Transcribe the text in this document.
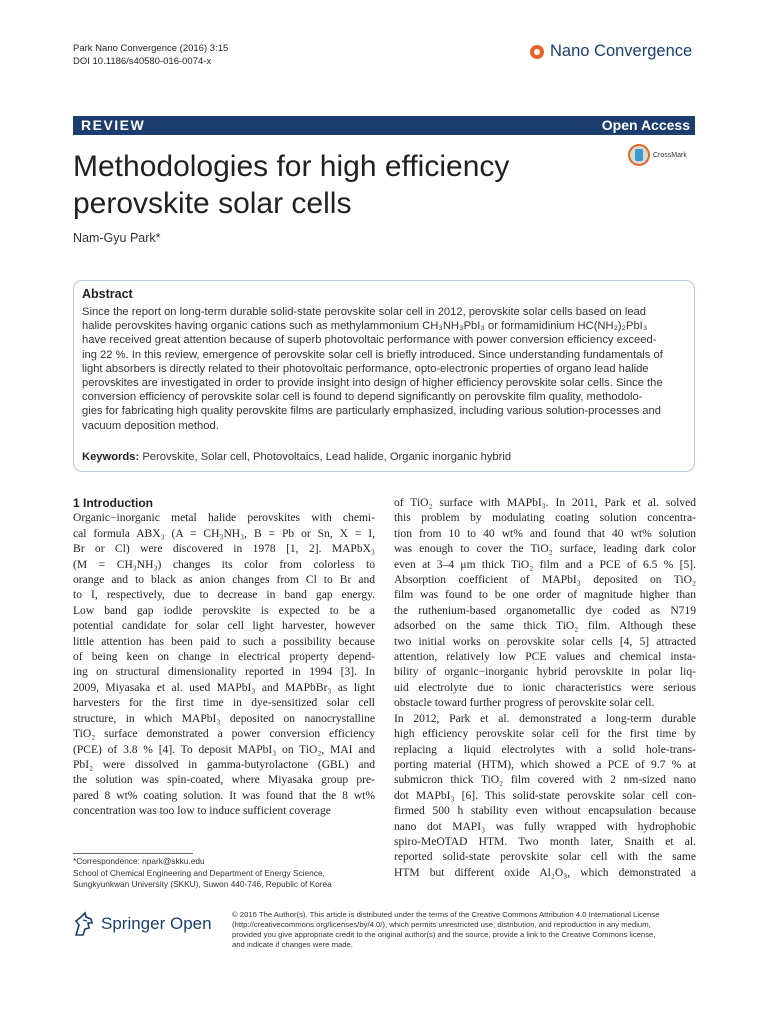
Park Nano Convergence (2016) 3:15
DOI 10.1186/s40580-016-0074-x
Nano Convergence
REVIEW	Open Access
Methodologies for high efficiency
perovskite solar cells
CrossMark
Nam-Gyu Park*
Abstract
Since the report on long-term durable solid-state perovskite solar cell in 2012, perovskite solar cells based on lead
halide perovskites having organic cations such as methylammonium CH₃NH₃PbI₃ or formamidinium HC(NH₂)₂PbI₃
have received great attention because of superb photovoltaic performance with power conversion efficiency exceed-
ing 22 %. In this review, emergence of perovskite solar cell is briefly introduced. Since understanding fundamentals of
light absorbers is directly related to their photovoltaic performance, opto-electronic properties of organo lead halide
perovskites are investigated in order to provide insight into design of higher efficiency perovskite solar cells. Since the
conversion efficiency of perovskite solar cell is found to depend significantly on perovskite film quality, methodolo-
gies for fabricating high quality perovskite films are particularly emphasized, including various solution-processes and
vacuum deposition method.
Keywords: Perovskite, Solar cell, Photovoltaics, Lead halide, Organic inorganic hybrid
1 Introduction
Organic−inorganic metal halide perovskites with chemi-
cal formula ABX₃ (A = CH₃NH₃, B = Pb or Sn, X = I,
Br or Cl) were discovered in 1978 [1, 2]. MAPbX₃
(M = CH₃NH₃) changes its color from colorless to
orange and to black as anion changes from Cl to Br and
to I, respectively, due to decrease in band gap energy.
Low band gap iodide perovskite is expected to be a
potential candidate for solar cell light harvester, however
little attention has been paid to such a possibility because
of being keen on change in electrical property depend-
ing on structural dimensionality reported in 1994 [3]. In
2009, Miyasaka et al. used MAPbI₃ and MAPbBr₃ as light
harvesters for the first time in dye-sensitized solar cell
structure, in which MAPbI₃ deposited on nanocrystalline
TiO₂ surface demonstrated a power conversion efficiency
(PCE) of 3.8 % [4]. To deposit MAPbI₃ on TiO₂, MAI and
PbI₂ were dissolved in gamma-butyrolactone (GBL) and
the solution was spin-coated, where Miyasaka group pre-
pared 8 wt% coating solution. It was found that the 8 wt%
concentration was too low to induce sufficient coverage
of TiO₂ surface with MAPbI₃. In 2011, Park et al. solved
this problem by modulating coating solution concentra-
tion from 10 to 40 wt% and found that 40 wt% solution
was enough to cover the TiO₂ surface, leading dark color
even at 3–4 μm thick TiO₂ film and a PCE of 6.5 % [5].
Absorption coefficient of MAPbI₃ deposited on TiO₂
film was found to be one order of magnitude higher than
the ruthenium-based organometallic dye coded as N719
adsorbed on the same thick TiO₂ film. Although these
two initial works on perovskite solar cells [4, 5] attracted
attention, relatively low PCE values and chemical insta-
bility of organic−inorganic hybrid perovskite in polar liq-
uid electrolyte due to ionic characteristics were serious
obstacle toward further progress of perovskite solar cell.
In 2012, Park et al. demonstrated a long-term durable
high efficiency perovskite solar cell for the first time by
replacing a liquid electrolytes with a solid hole-trans-
porting material (HTM), which showed a PCE of 9.7 % at
submicron thick TiO₂ film covered with 2 nm-sized nano
dot MAPbI₃ [6]. This solid-state perovskite solar cell con-
firmed 500 h stability even without encapsulation because
nano dot MAPI₃ was fully wrapped with hydrophobic
spiro-MeOTAD HTM. Two month later, Snaith et al.
reported solid-state perovskite solar cell with the same
HTM but different oxide Al₂O₃, which demonstrated a
*Correspondence: npark@skku.edu
School of Chemical Engineering and Department of Energy Science,
Sungkyunkwan University (SKKU), Suwon 440-746, Republic of Korea
Springer Open	© 2016 The Author(s). This article is distributed under the terms of the Creative Commons Attribution 4.0 International License
(http://creativecommons.org/licenses/by/4.0/), which permits unrestricted use, distribution, and reproduction in any medium,
provided you give appropriate credit to the original author(s) and the source, provide a link to the Creative Commons license,
and indicate if changes were made.
